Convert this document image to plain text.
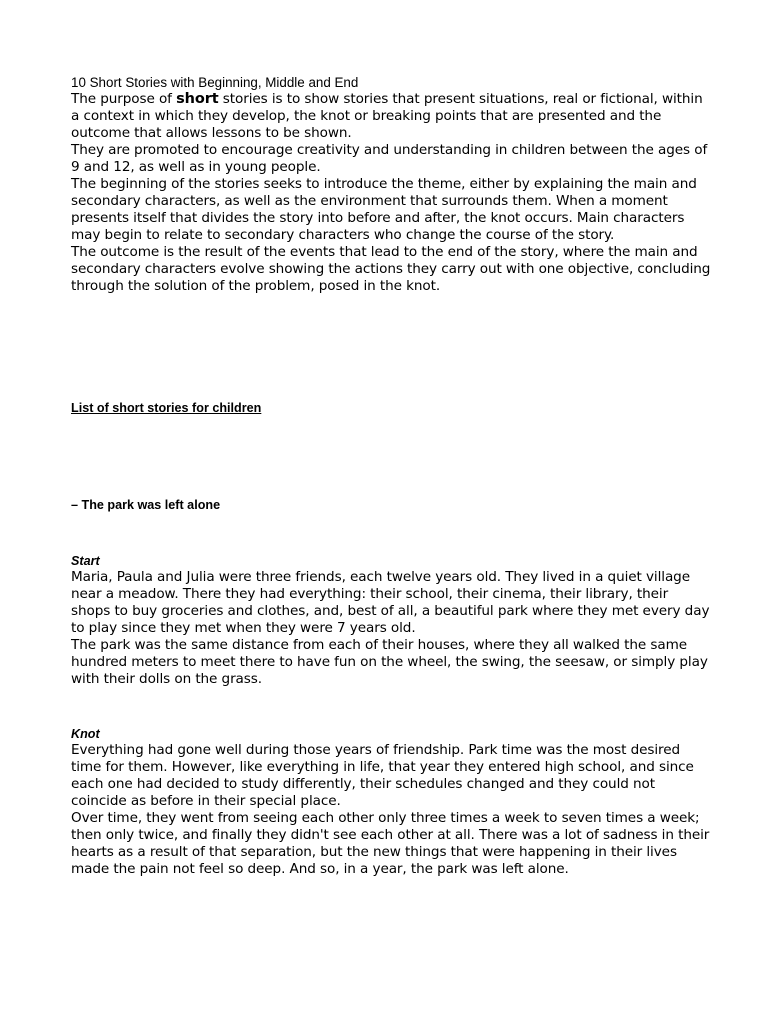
10 Short Stories with Beginning, Middle and End

The purpose of short stories is to show stories that present situations, real or fictional, within a context in which they develop, the knot or breaking points that are presented and the outcome that allows lessons to be shown.

They are promoted to encourage creativity and understanding in children between the ages of 9 and 12, as well as in young people.

The beginning of the stories seeks to introduce the theme, either by explaining the main and secondary characters, as well as the environment that surrounds them. When a moment presents itself that divides the story into before and after, the knot occurs. Main characters may begin to relate to secondary characters who change the course of the story.

The outcome is the result of the events that lead to the end of the story, where the main and secondary characters evolve showing the actions they carry out with one objective, concluding through the solution of the problem, posed in the knot.

List of short stories for children

– The park was left alone

Start

Maria, Paula and Julia were three friends, each twelve years old. They lived in a quiet village near a meadow. There they had everything: their school, their cinema, their library, their shops to buy groceries and clothes, and, best of all, a beautiful park where they met every day to play since they met when they were 7 years old.

The park was the same distance from each of their houses, where they all walked the same hundred meters to meet there to have fun on the wheel, the swing, the seesaw, or simply play with their dolls on the grass.

Knot

Everything had gone well during those years of friendship. Park time was the most desired time for them. However, like everything in life, that year they entered high school, and since each one had decided to study differently, their schedules changed and they could not coincide as before in their special place.

Over time, they went from seeing each other only three times a week to seven times a week; then only twice, and finally they didn't see each other at all. There was a lot of sadness in their hearts as a result of that separation, but the new things that were happening in their lives made the pain not feel so deep. And so, in a year, the park was left alone.
